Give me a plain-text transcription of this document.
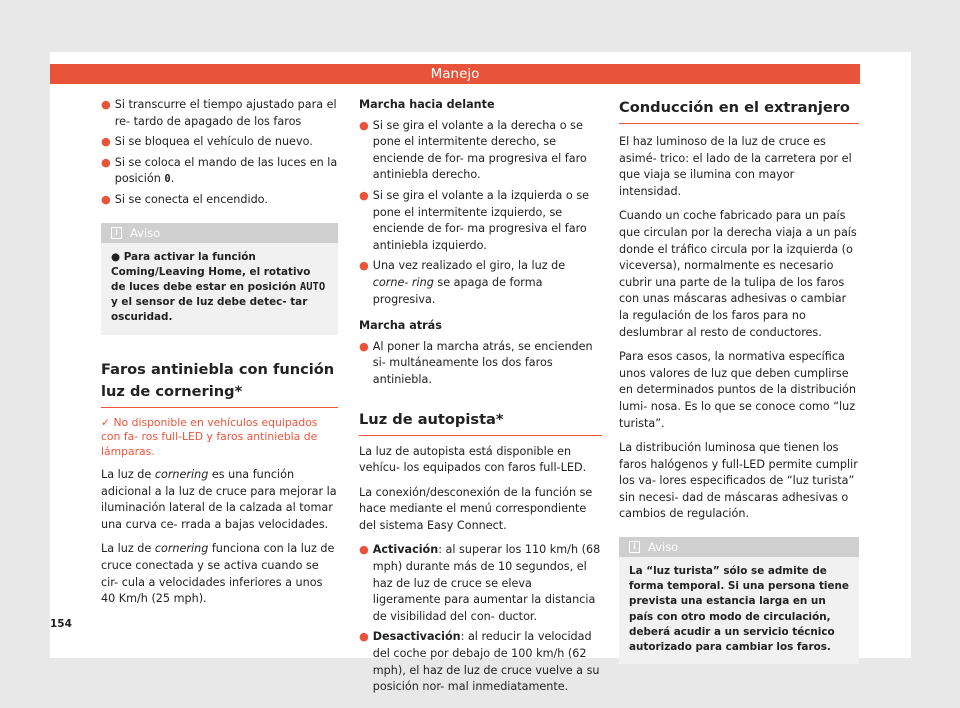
Manejo
● Si transcurre el tiempo ajustado para el re- tardo de apagado de los faros
● Si se bloquea el vehículo de nuevo.
● Si se coloca el mando de las luces en la posición 0.
● Si se conecta el encendido.
i	Aviso
● Para activar la función Coming/Leaving Home, el rotativo de luces debe estar en posición AUTO y el sensor de luz debe detec- tar oscuridad.
Faros antiniebla con función luz de cornering*
✓ No disponible en vehículos equipados con fa- ros full-LED y faros antiniebla de lámparas.

La luz de cornering es una función adicional a la luz de cruce para mejorar la iluminación lateral de la calzada al tomar una curva ce- rrada a bajas velocidades.

La luz de cornering funciona con la luz de cruce conectada y se activa cuando se cir- cula a velocidades inferiores a unos 40 Km/h (25 mph).

Marcha hacia delante
● Si se gira el volante a la derecha o se pone el intermitente derecho, se enciende de for- ma progresiva el faro antiniebla derecho.
● Si se gira el volante a la izquierda o se pone el intermitente izquierdo, se enciende de for- ma progresiva el faro antiniebla izquierdo.
● Una vez realizado el giro, la luz de corne- ring se apaga de forma progresiva.
Marcha atrás
● Al poner la marcha atrás, se encienden si- multáneamente los dos faros antiniebla.
Luz de autopista*

La luz de autopista está disponible en vehícu- los equipados con faros full-LED.

La conexión/desconexión de la función se hace mediante el menú correspondiente del sistema Easy Connect.

● Activación: al superar los 110 km/h (68 mph) durante más de 10 segundos, el haz de luz de cruce se eleva ligeramente para aumentar la distancia de visibilidad del con- ductor.
● Desactivación: al reducir la velocidad del coche por debajo de 100 km/h (62 mph), el haz de luz de cruce vuelve a su posición nor- mal inmediatamente.
Conducción en el extranjero

El haz luminoso de la luz de cruce es asimé- trico: el lado de la carretera por el que viaja se ilumina con mayor intensidad.

Cuando un coche fabricado para un país que circulan por la derecha viaja a un país donde el tráfico circula por la izquierda (o viceversa), normalmente es necesario cubrir una parte de la tulipa de los faros con unas máscaras adhesivas o cambiar la regulación de los faros para no deslumbrar al resto de conductores.

Para esos casos, la normativa específica unos valores de luz que deben cumplirse en determinados puntos de la distribución lumi- nosa. Es lo que se conoce como “luz turista”.

La distribución luminosa que tienen los faros halógenos y full-LED permite cumplir los va- lores especificados de “luz turista” sin necesi- dad de máscaras adhesivas o cambios de regulación.

i	Aviso
La “luz turista” sólo se admite de forma temporal. Si una persona tiene prevista una estancia larga en un país con otro modo de circulación, deberá acudir a un servicio técnico autorizado para cambiar los faros.
154
